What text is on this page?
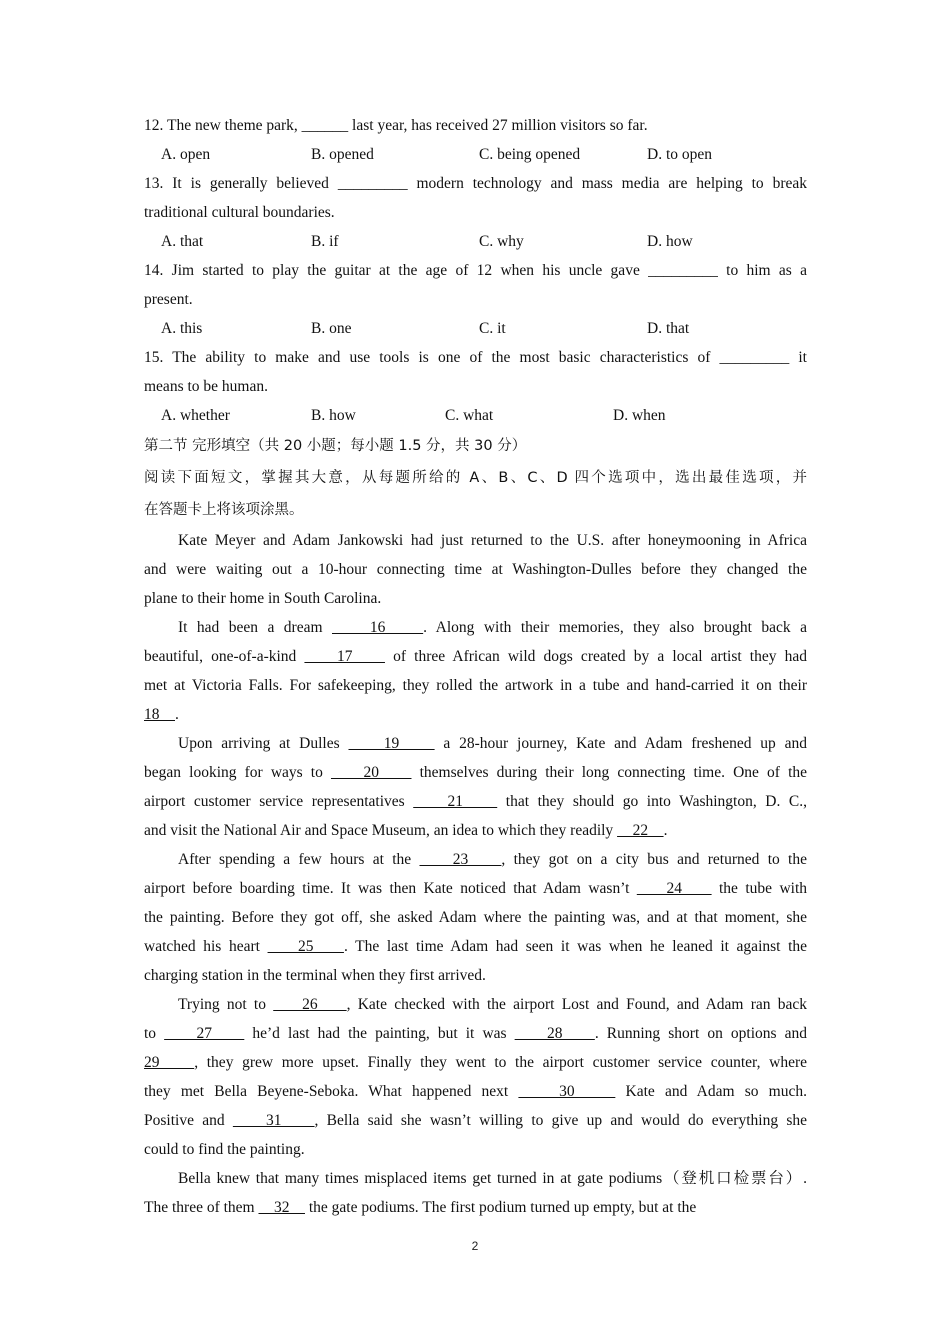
12. The new theme park, ______ last year, has received 27 million visitors so far.
A. open	B. opened	C. being opened	D. to open
13. It is generally believed _________ modern technology and mass media are helping to break
traditional cultural boundaries.
A. that	B. if	C. why	D. how
14. Jim started to play the guitar at the age of 12 when his uncle gave _________ to him as a
present.
A. this	B. one	C. it	D. that
15. The ability to make and use tools is one of the most basic characteristics of _________ it
means to be human.
A. whether	B. how	C. what	D. when
第二节 完形填空（共 20 小题；每小题 1.5 分，共 30 分）
阅读下面短文，掌握其大意，从每题所给的 A、B、C、D 四个选项中，选出最佳选项，并
在答题卡上将该项涂黑。
Kate Meyer and Adam Jankowski had just returned to the U.S. after honeymooning in Africa
and were waiting out a 10-hour connecting time at Washington-Dulles before they changed the
plane to their home in South Carolina.
It had been a dream     16    . Along with their memories, they also brought back a
beautiful, one-of-a-kind     17     of three African wild dogs created by a local artist they had
met at Victoria Falls. For safekeeping, they rolled the artwork in a tube and hand-carried it on their
18    .
Upon arriving at Dulles     19     a 28-hour journey, Kate and Adam freshened up and
began looking for ways to     20     themselves during their long connecting time. One of the
airport customer service representatives     21     that they should go into Washington, D. C.,
and visit the National Air and Space Museum, an idea to which they readily     22    .
After spending a few hours at the     23    , they got on a city bus and returned to the
airport before boarding time. It was then Kate noticed that Adam wasn’t     24     the tube with
the painting. Before they got off, she asked Adam where the painting was, and at that moment, she
watched his heart     25    . The last time Adam had seen it was when he leaned it against the
charging station in the terminal when they first arrived.
Trying not to     26    , Kate checked with the airport Lost and Found, and Adam ran back
to     27     he’d last had the painting, but it was     28    . Running short on options and
29    , they grew more upset. Finally they went to the airport customer service counter, where
they met Bella Beyene-Seboka. What happened next     30     Kate and Adam so much.
Positive and     31    , Bella said she wasn’t willing to give up and would do everything she
could to find the painting.
Bella knew that many times misplaced items get turned in at gate podiums（登机口检票台）.
The three of them     32     the gate podiums. The first podium turned up empty, but at the
2
